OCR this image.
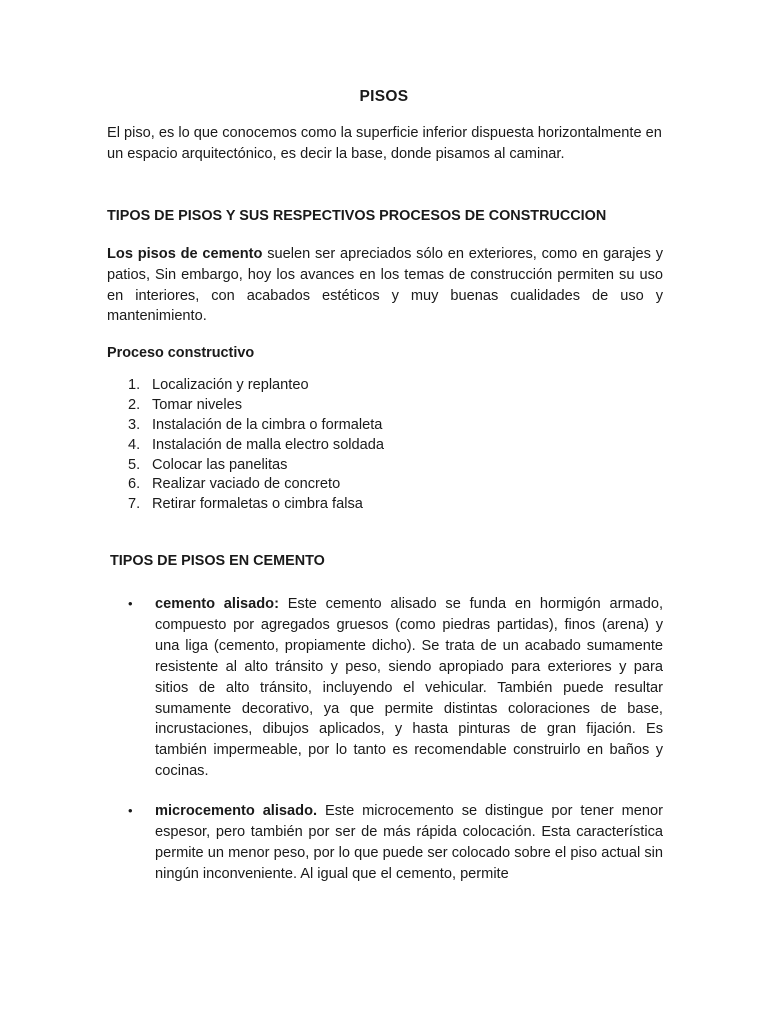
PISOS

El piso, es lo que conocemos como la superficie inferior dispuesta horizontalmente en un espacio arquitectónico, es decir la base, donde pisamos al caminar.

TIPOS DE PISOS Y SUS RESPECTIVOS PROCESOS DE CONSTRUCCION

Los pisos de cemento suelen ser apreciados sólo en exteriores, como en garajes y patios, Sin embargo, hoy los avances en los temas de construcción permiten su uso en interiores, con acabados estéticos y muy buenas cualidades de uso y mantenimiento.

Proceso constructivo
1. Localización y replanteo
2. Tomar niveles
3. Instalación de la cimbra o formaleta
4. Instalación de malla electro soldada
5. Colocar las panelitas
6. Realizar vaciado de concreto
7. Retirar formaletas o cimbra falsa
TIPOS DE PISOS EN CEMENTO
•	cemento alisado: Este cemento alisado se funda en hormigón armado, compuesto por agregados gruesos (como piedras partidas), finos (arena) y una liga (cemento, propiamente dicho). Se trata de un acabado sumamente resistente al alto tránsito y peso, siendo apropiado para exteriores y para sitios de alto tránsito, incluyendo el vehicular. También puede resultar sumamente decorativo, ya que permite distintas coloraciones de base, incrustaciones, dibujos aplicados, y hasta pinturas de gran fijación. Es también impermeable, por lo tanto es recomendable construirlo en baños y cocinas.
•	microcemento alisado. Este microcemento se distingue por tener menor espesor, pero también por ser de más rápida colocación. Esta característica permite un menor peso, por lo que puede ser colocado sobre el piso actual sin ningún inconveniente. Al igual que el cemento, permite
